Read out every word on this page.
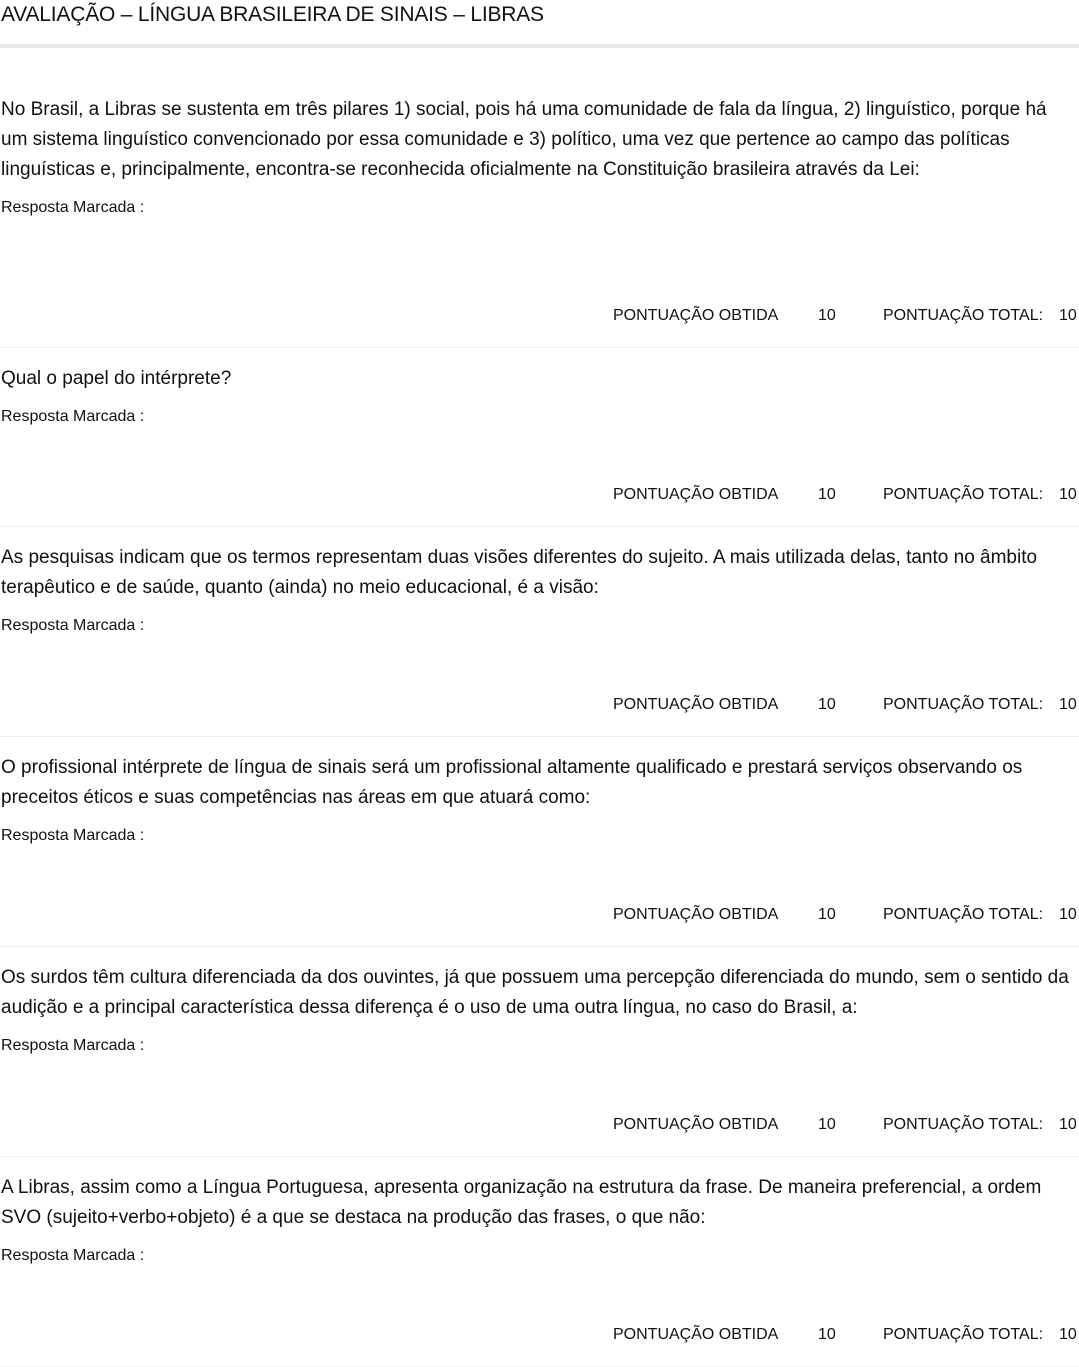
AVALIAÇÃO – LÍNGUA BRASILEIRA DE SINAIS – LIBRAS

No Brasil, a Libras se sustenta em três pilares 1) social, pois há uma comunidade de fala da língua, 2) linguístico, porque há um sistema linguístico convencionado por essa comunidade e 3) político, uma vez que pertence ao campo das políticas linguísticas e, principalmente, encontra-se reconhecida oficialmente na Constituição brasileira através da Lei:

Resposta Marcada :
PONTUAÇÃO OBTIDA 10	PONTUAÇÃO TOTAL: 10

Qual o papel do intérprete?

Resposta Marcada :
PONTUAÇÃO OBTIDA 10	PONTUAÇÃO TOTAL: 10

As pesquisas indicam que os termos representam duas visões diferentes do sujeito. A mais utilizada delas, tanto no âmbito terapêutico e de saúde, quanto (ainda) no meio educacional, é a visão:

Resposta Marcada :
PONTUAÇÃO OBTIDA 10	PONTUAÇÃO TOTAL: 10

O profissional intérprete de língua de sinais será um profissional altamente qualificado e prestará serviços observando os preceitos éticos e suas competências nas áreas em que atuará como:

Resposta Marcada :
PONTUAÇÃO OBTIDA 10	PONTUAÇÃO TOTAL: 10

Os surdos têm cultura diferenciada da dos ouvintes, já que possuem uma percepção diferenciada do mundo, sem o sentido da audição e a principal característica dessa diferença é o uso de uma outra língua, no caso do Brasil, a:

Resposta Marcada :
PONTUAÇÃO OBTIDA 10	PONTUAÇÃO TOTAL: 10

A Libras, assim como a Língua Portuguesa, apresenta organização na estrutura da frase. De maneira preferencial, a ordem SVO (sujeito+verbo+objeto) é a que se destaca na produção das frases, o que não:

Resposta Marcada :
PONTUAÇÃO OBTIDA 10	PONTUAÇÃO TOTAL: 10
